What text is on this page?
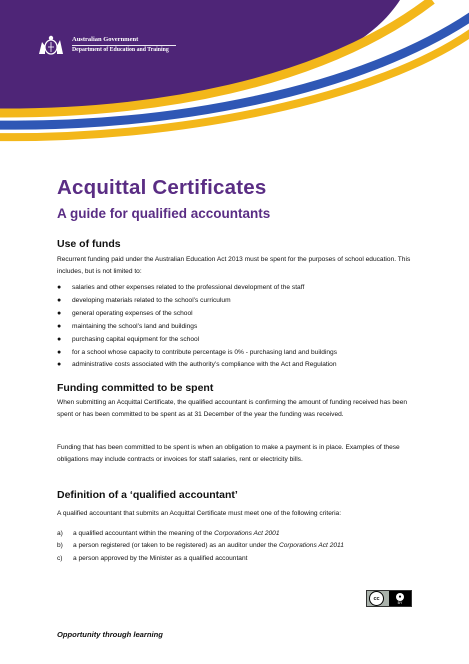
Australian Government
Department of Education and Training
Acquittal Certificates
A guide for qualified accountants
Use of funds

Recurrent funding paid under the Australian Education Act 2013 must be spent for the purposes of school education. This includes, but is not limited to:

●	salaries and other expenses related to the professional development of the staff
●	developing materials related to the school’s curriculum
●	general operating expenses of the school
●	maintaining the school’s land and buildings
●	purchasing capital equipment for the school
●	for a school whose capacity to contribute percentage is 0% - purchasing land and buildings
●	administrative costs associated with the authority’s compliance with the Act and Regulation
Funding committed to be spent

When submitting an Acquittal Certificate, the qualified accountant is confirming the amount of funding received has been spent or has been committed to be spent as at 31 December of the year the funding was received.

Funding that has been committed to be spent is when an obligation to make a payment is in place. Examples of these obligations may include contracts or invoices for staff salaries, rent or electricity bills.

Definition of a ‘qualified accountant’

A qualified accountant that submits an Acquittal Certificate must meet one of the following criteria:

a)	a qualified accountant within the meaning of the Corporations Act 2001
b)	a person registered (or taken to be registered) as an auditor under the Corporations Act 2011
c)	a person approved by the Minister as a qualified accountant
cc	●
BY

Opportunity through learning
